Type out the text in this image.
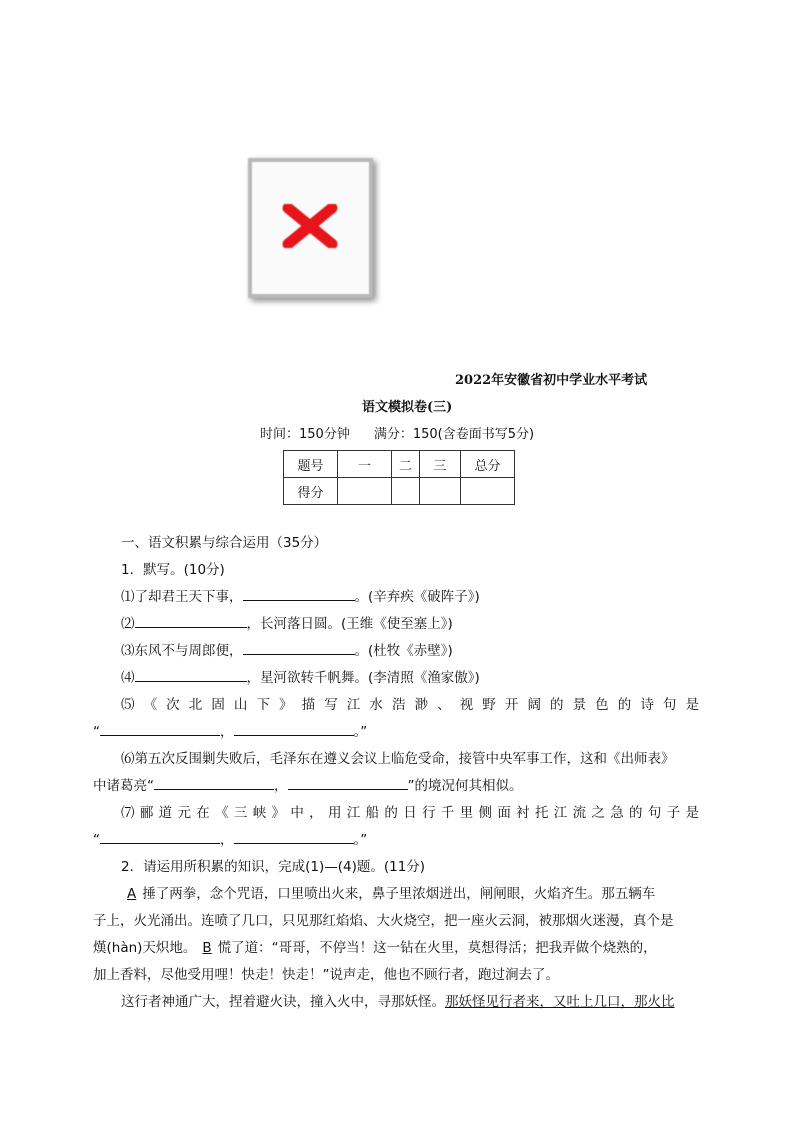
2022年安徽省初中学业水平考试
语文模拟卷(三)
时间：150分钟 满分：150(含卷面书写5分)
题号	一	二	三	总分
得分				

一、语文积累与综合运用（35分）

1．默写。(10分)

⑴了却君王天下事，	。(辛弃疾《破阵子》)

⑵	，长河落日圆。(王维《使至塞上》)

⑶东风不与周郎便，	。(杜牧《赤壁》)

⑷	，星河欲转千帆舞。(李清照《渔家傲》)

⑸《次北固山下》描写江水浩渺、视野开阔的景色的诗句是

“	，	。”

⑹第五次反围剿失败后，毛泽东在遵义会议上临危受命，接管中央军事工作，这和《出师表》

中诸葛亮“	，	”的境况何其相似。

⑺郦道元在《三峡》中，用江船的日行千里侧面衬托江流之急的句子是

“	，	。”

2．请运用所积累的知识，完成(1)—(4)题。(11分)

A 捶了两拳，念个咒语，口里喷出火来，鼻子里浓烟迸出，闸闸眼，火焰齐生。那五辆车

子上，火光涌出。连喷了几口，只见那红焰焰、大火烧空，把一座火云洞，被那烟火迷漫，真个是

熯(hàn)天炽地。 B 慌了道：“哥哥，不停当！这一钻在火里，莫想得活；把我弄做个烧熟的，

加上香料，尽他受用哩！快走！快走！”说声走，他也不顾行者，跑过涧去了。

这行者神通广大，捏着避火诀，撞入火中，寻那妖怪。那妖怪见行者来，又吐上几口，那火比
